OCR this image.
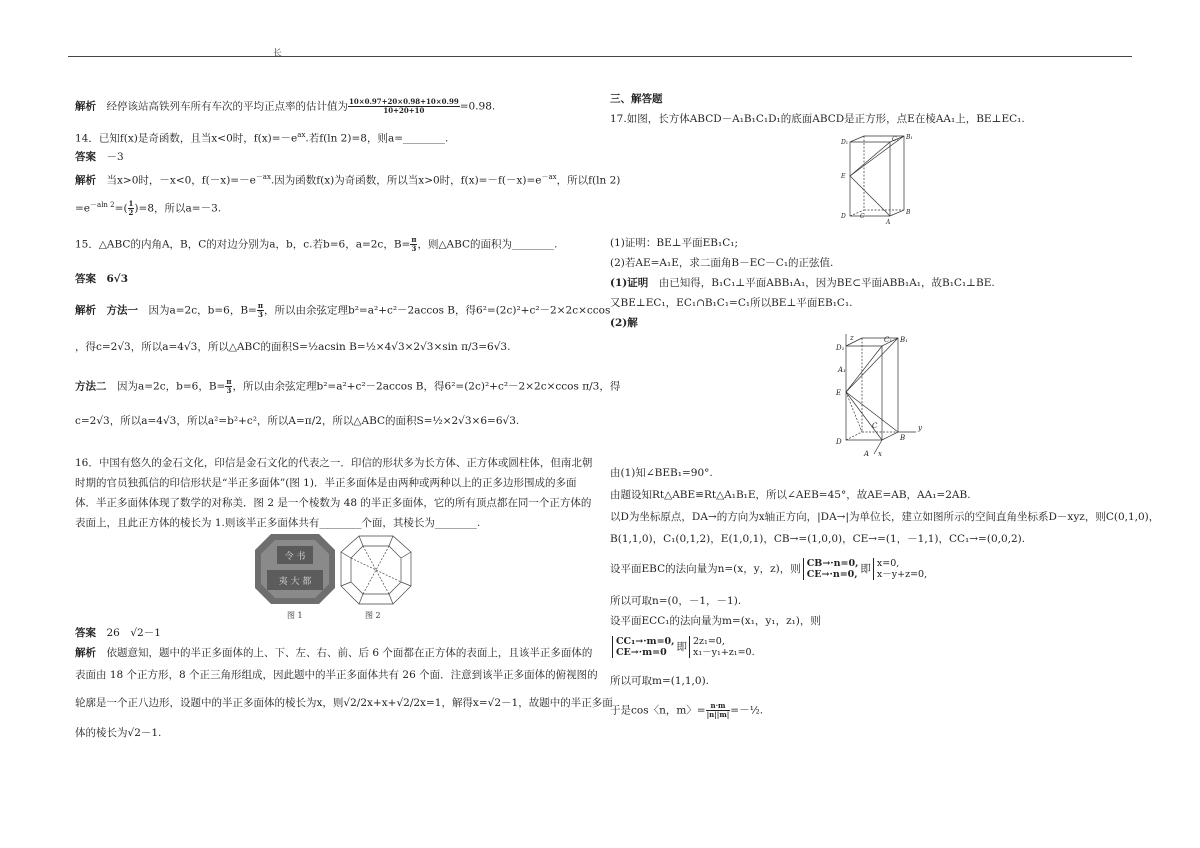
长
解析　 经停该站高铁列车所有车次的平均正点率的估计值为 $\frac{10\times 0.97+20\times 0.98+10\times 0.99}{10+20+10} =0.98$.
14．已知f(x)是奇函数，且当x<0时，$f(x)=-e^{ax}$.若f(ln 2)=8，则a=________.
答案　 －3
解析　 当x>0时，－x<0，$f(-x)=-e^{-ax}$.因为函数f(x)为奇函数，所以当x>0时，$f(x)=-f(-x)=e^{-ax}$，所以f(ln 2)
$=e^{-aln 2}=( \frac{1}{2} )=8$，所以a=－3.
15．△ABC的内角A，B，C的对边分别为a，b，c.若b=6，a=2c，$B= \frac{\pi}{3}$ ，则△ABC的面积为________.
答案　 6√3
解析　 方法一　 因为a=2c，b=6，$B= \frac{\pi}{3}$ ，所以由余弦定理b²=a²+c²－2accos B，得6²=(2c)²+c²－2×2c×ccos
，得c=2√3，所以a=4√3，所以△ABC的面积S=½acsin B=½×4√3×2√3×sin π/3=6√3.
方法二　 因为a=2c，b=6，$B= \frac{\pi}{3}$ ，所以由余弦定理b²=a²+c²－2accos B，得6²=(2c)²+c²－2×2c×ccos π/3，得
c=2√3，所以a=4√3，所以a²=b²+c²，所以A=π/2，所以△ABC的面积S=½×2√3×6=6√3.
16．中国有悠久的金石文化，印信是金石文化的代表之一．印信的形状多为长方体、正方体或圆柱体，但南北朝
时期的官员独孤信的印信形状是“半正多面体”(图 1)．半正多面体是由两种或两种以上的正多边形围成的多面
体．半正多面体体现了数学的对称美．图 2 是一个棱数为 48 的半正多面体，它的所有顶点都在同一个正方体的
表面上，且此正方体的棱长为 1.则该半正多面体共有________个面，其棱长为________.
令 书
夷 大 都
图 1	图 2
答案　 26　√2－1
解析　 依题意知，题中的半正多面体的上、下、左、右、前、后 6 个面都在正方体的表面上，且该半正多面体的
表面由 18 个正方形，8 个正三角形组成，因此题中的半正多面体共有 26 个面．注意到该半正多面体的俯视图的
轮廓是一个正八边形，设题中的半正多面体的棱长为x，则√2/2x+x+√2/2x=1，解得x=√2－1，故题中的半正多面
体的棱长为√2－1.
三、解答题
17.如图，长方体ABCD－A₁B₁C₁D₁的底面ABCD是正方形，点E在棱AA₁上，BE⊥EC₁.
D₁	C₁ B₁
E
C
D
B
A
(1)证明：BE⊥平面EB₁C₁;
(2)若AE=A₁E，求二面角B－EC－C₁的正弦值.
(1)证明　 由已知得，B₁C₁⊥平面ABB₁A₁，因为BE⊂平面ABB₁A₁，故B₁C₁⊥BE.
又BE⊥EC₁，EC₁∩B₁C₁=C₁所以BE⊥平面EB₁C₁.
(2)解
z	C₁
D₁
B₁
A₁
E
C
D	B
A x
y
由(1)知∠BEB₁=90°.
由题设知Rt△ABE≌Rt△A₁B₁E，所以∠AEB=45°，故AE=AB，AA₁=2AB.
以D为坐标原点，DA→的方向为x轴正方向，|DA→|为单位长，建立如图所示的空间直角坐标系D－xyz，则C(0,1,0)，
B(1,1,0)，C₁(0,1,2)，E(1,0,1)，CB→=(1,0,0)，CE→=(1，－1,1)，CC₁→=(0,0,2).
设平面EBC的法向量为n=(x，y，z)，则 CB→·n=0,
CE→·n=0, 即 x=0,
x－y+z=0,
所以可取n=(0，－1，－1).
设平面ECC₁的法向量为m=(x₁，y₁，z₁)，则
CC₁→·m=0,
CE→·m=0 即 2z₁=0,
x₁－y₁+z₁=0.
所以可取m=(1,1,0).
于是cos〈n，m〉= $\frac{n\cdot m}{|n||m|}$ =－½.
